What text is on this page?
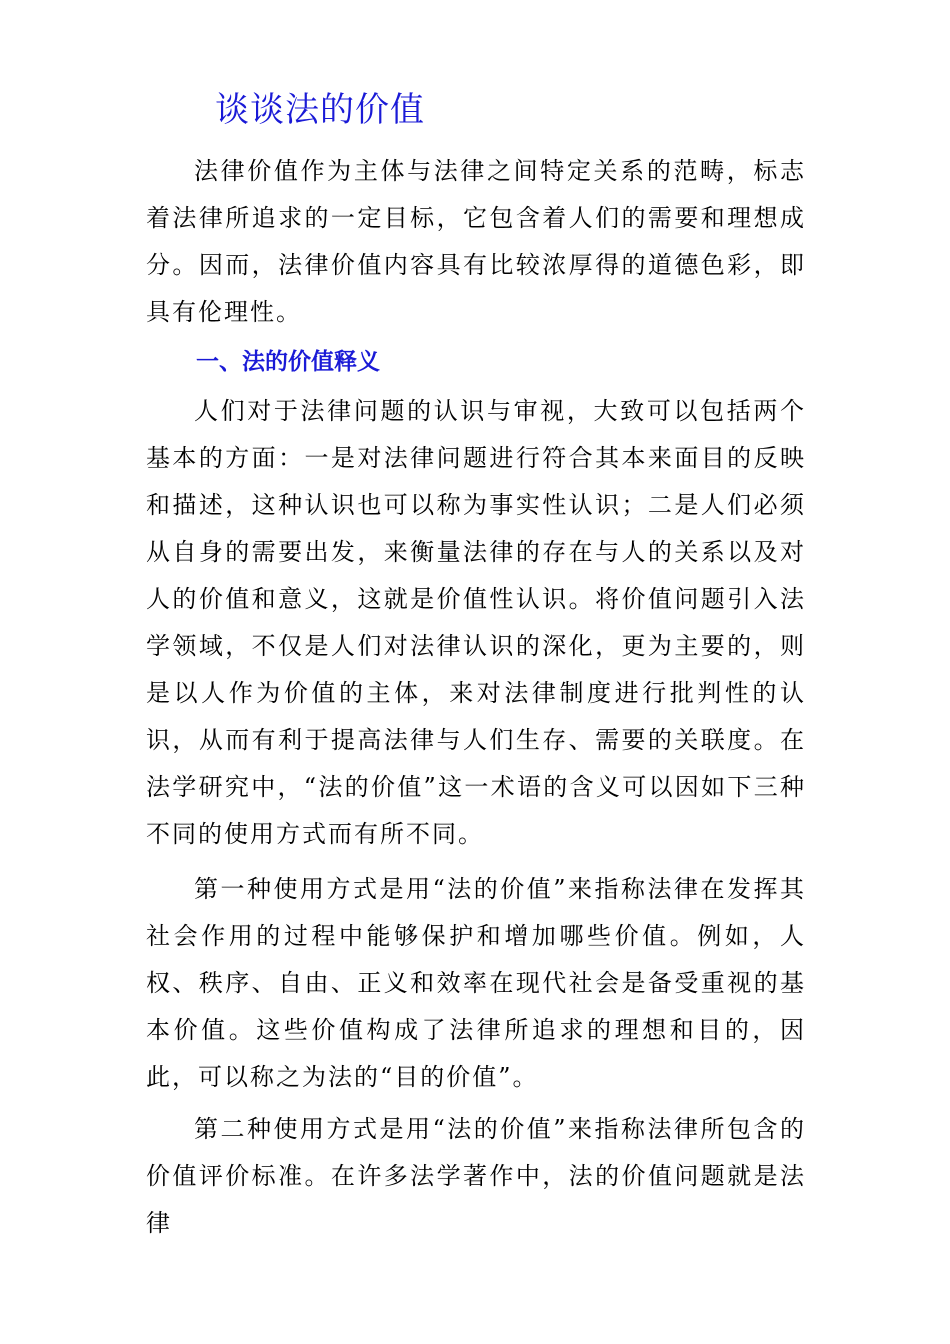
谈谈法的价值

法律价值作为主体与法律之间特定关系的范畴，标志着法律所追求的一定目标，它包含着人们的需要和理想成分。因而，法律价值内容具有比较浓厚得的道德色彩，即具有伦理性。

一、法的价值释义

人们对于法律问题的认识与审视，大致可以包括两个基本的方面：一是对法律问题进行符合其本来面目的反映和描述，这种认识也可以称为事实性认识；二是人们必须从自身的需要出发，来衡量法律的存在与人的关系以及对人的价值和意义，这就是价值性认识。将价值问题引入法学领域，不仅是人们对法律认识的深化，更为主要的，则是以人作为价值的主体，来对法律制度进行批判性的认识，从而有利于提高法律与人们生存、需要的关联度。在法学研究中，“法的价值”这一术语的含义可以因如下三种不同的使用方式而有所不同。

第一种使用方式是用“法的价值”来指称法律在发挥其社会作用的过程中能够保护和增加哪些价值。例如，人权、秩序、自由、正义和效率在现代社会是备受重视的基本价值。这些价值构成了法律所追求的理想和目的，因此，可以称之为法的“目的价值”。

第二种使用方式是用“法的价值”来指称法律所包含的价值评价标准。在许多法学著作中，法的价值问题就是法律
